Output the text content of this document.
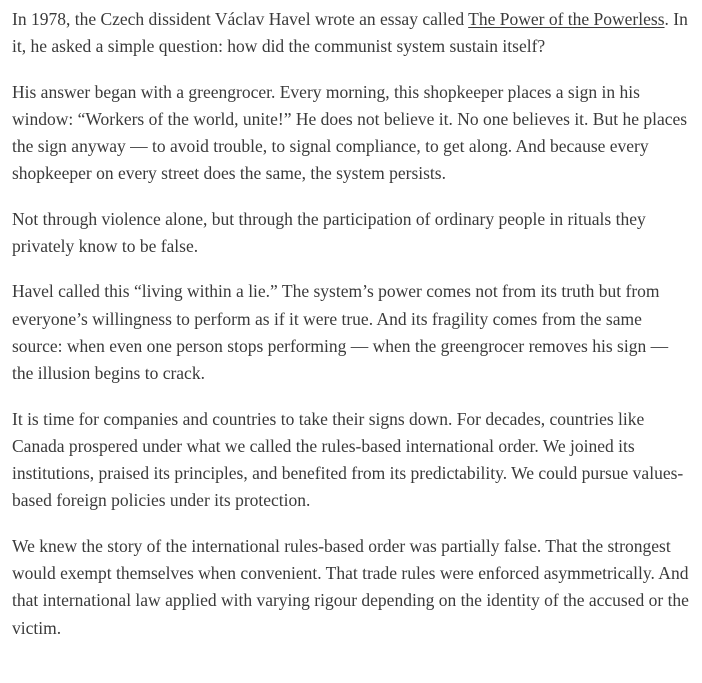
In 1978, the Czech dissident Václav Havel wrote an essay called The Power of the Powerless. In it, he asked a simple question: how did the communist system sustain itself?

His answer began with a greengrocer. Every morning, this shopkeeper places a sign in his window: “Workers of the world, unite!” He does not believe it. No one believes it. But he places the sign anyway — to avoid trouble, to signal compliance, to get along. And because every shopkeeper on every street does the same, the system persists.

Not through violence alone, but through the participation of ordinary people in rituals they privately know to be false.

Havel called this “living within a lie.” The system’s power comes not from its truth but from everyone’s willingness to perform as if it were true. And its fragility comes from the same source: when even one person stops performing — when the greengrocer removes his sign — the illusion begins to crack.

It is time for companies and countries to take their signs down. For decades, countries like Canada prospered under what we called the rules-based international order. We joined its institutions, praised its principles, and benefited from its predictability. We could pursue values-based foreign policies under its protection.

We knew the story of the international rules-based order was partially false. That the strongest would exempt themselves when convenient. That trade rules were enforced asymmetrically. And that international law applied with varying rigour depending on the identity of the accused or the victim.
